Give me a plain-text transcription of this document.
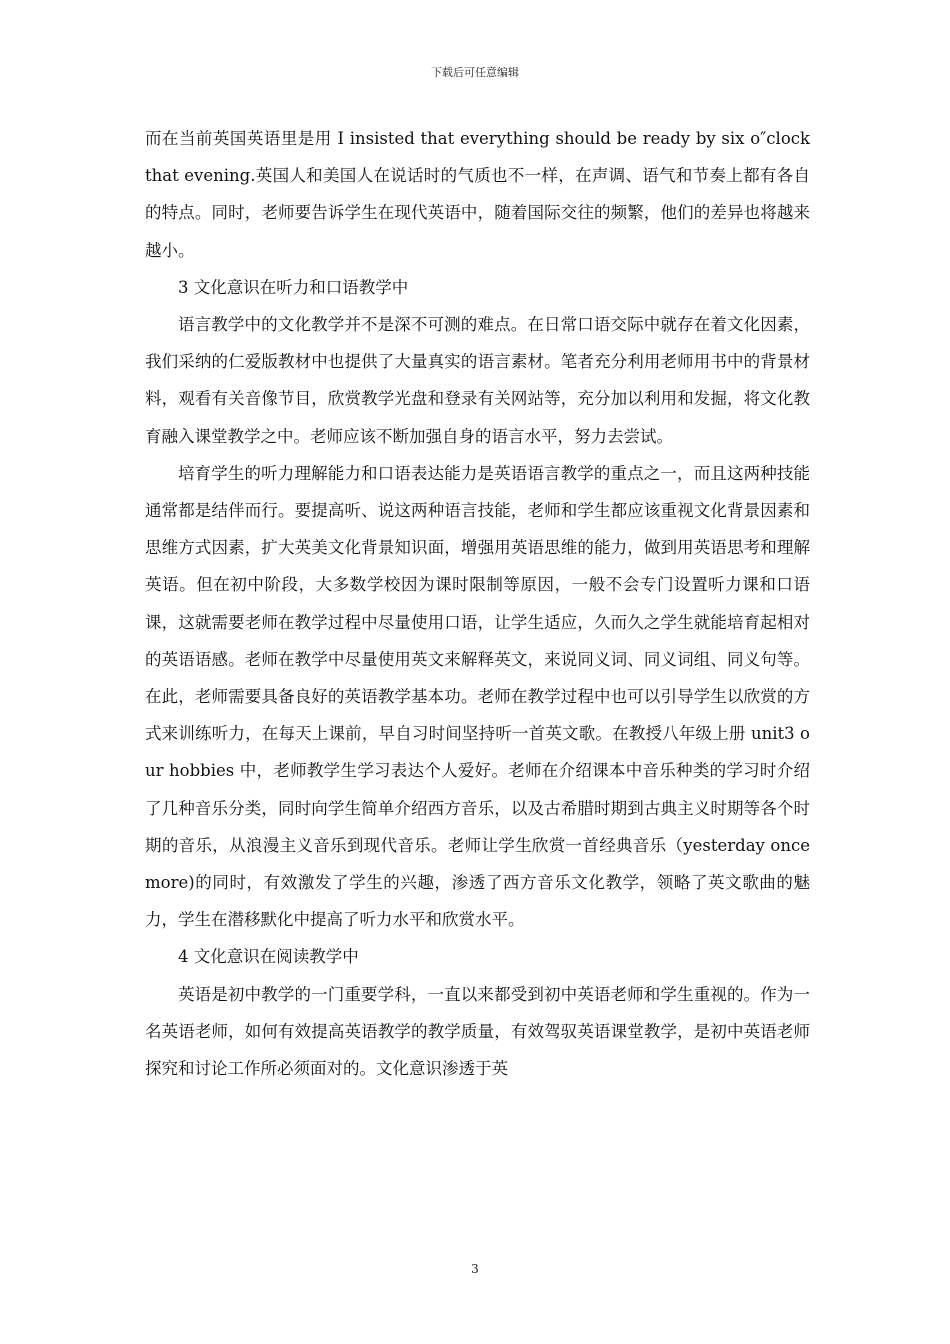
下载后可任意编辑

而在当前英国英语里是用 I insisted that everything should be ready by six o″clock that evening.英国人和美国人在说话时的气质也不一样，在声调、语气和节奏上都有各自的特点。同时，老师要告诉学生在现代英语中，随着国际交往的频繁，他们的差异也将越来越小。

3 文化意识在听力和口语教学中

语言教学中的文化教学并不是深不可测的难点。在日常口语交际中就存在着文化因素，我们采纳的仁爱版教材中也提供了大量真实的语言素材。笔者充分利用老师用书中的背景材料，观看有关音像节目，欣赏教学光盘和登录有关网站等，充分加以利用和发掘，将文化教育融入课堂教学之中。老师应该不断加强自身的语言水平，努力去尝试。

培育学生的听力理解能力和口语表达能力是英语语言教学的重点之一，而且这两种技能通常都是结伴而行。要提高听、说这两种语言技能，老师和学生都应该重视文化背景因素和思维方式因素，扩大英美文化背景知识面，增强用英语思维的能力，做到用英语思考和理解英语。但在初中阶段，大多数学校因为课时限制等原因，一般不会专门设置听力课和口语课，这就需要老师在教学过程中尽量使用口语，让学生适应，久而久之学生就能培育起相对的英语语感。老师在教学中尽量使用英文来解释英文，来说同义词、同义词组、同义句等。在此，老师需要具备良好的英语教学基本功。老师在教学过程中也可以引导学生以欣赏的方式来训练听力，在每天上课前，早自习时间坚持听一首英文歌。在教授八年级上册 unit3 our hobbies 中，老师教学生学习表达个人爱好。老师在介绍课本中音乐种类的学习时介绍了几种音乐分类，同时向学生简单介绍西方音乐，以及古希腊时期到古典主义时期等各个时期的音乐，从浪漫主义音乐到现代音乐。老师让学生欣赏一首经典音乐（yesterday once more)的同时，有效激发了学生的兴趣，渗透了西方音乐文化教学，领略了英文歌曲的魅力，学生在潜移默化中提高了听力水平和欣赏水平。

4 文化意识在阅读教学中

英语是初中教学的一门重要学科，一直以来都受到初中英语老师和学生重视的。作为一名英语老师，如何有效提高英语教学的教学质量，有效驾驭英语课堂教学，是初中英语老师探究和讨论工作所必须面对的。文化意识渗透于英

3
